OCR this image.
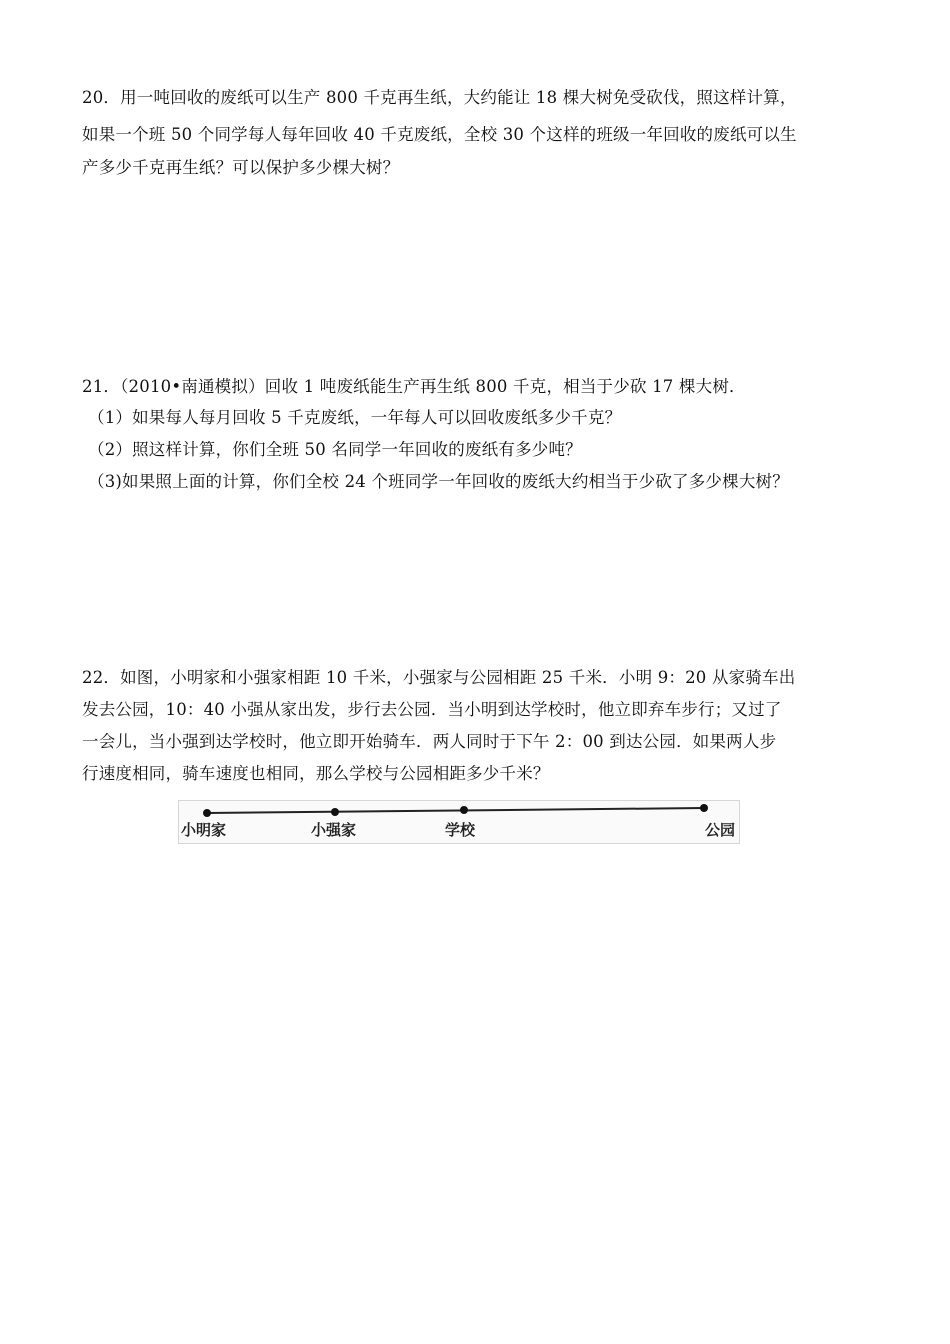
20．用一吨回收的废纸可以生产 800 千克再生纸，大约能让 18 棵大树免受砍伐，照这样计算，
如果一个班 50 个同学每人每年回收 40 千克废纸，全校 30 个这样的班级一年回收的废纸可以生
产多少千克再生纸？可以保护多少棵大树？
21．（2010•南通模拟）回收 1 吨废纸能生产再生纸 800 千克，相当于少砍 17 棵大树．
（1）如果每人每月回收 5 千克废纸，一年每人可以回收废纸多少千克？
（2）照这样计算，你们全班 50 名同学一年回收的废纸有多少吨？
（3)如果照上面的计算，你们全校 24 个班同学一年回收的废纸大约相当于少砍了多少棵大树？
22．如图，小明家和小强家相距 10 千米，小强家与公园相距 25 千米．小明 9：20 从家骑车出
发去公园，10：40 小强从家出发，步行去公园．当小明到达学校时，他立即弃车步行；又过了
一会儿，当小强到达学校时，他立即开始骑车．两人同时于下午 2：00 到达公园．如果两人步
行速度相同，骑车速度也相同，那么学校与公园相距多少千米？
小明家	小强家	学校	公园
